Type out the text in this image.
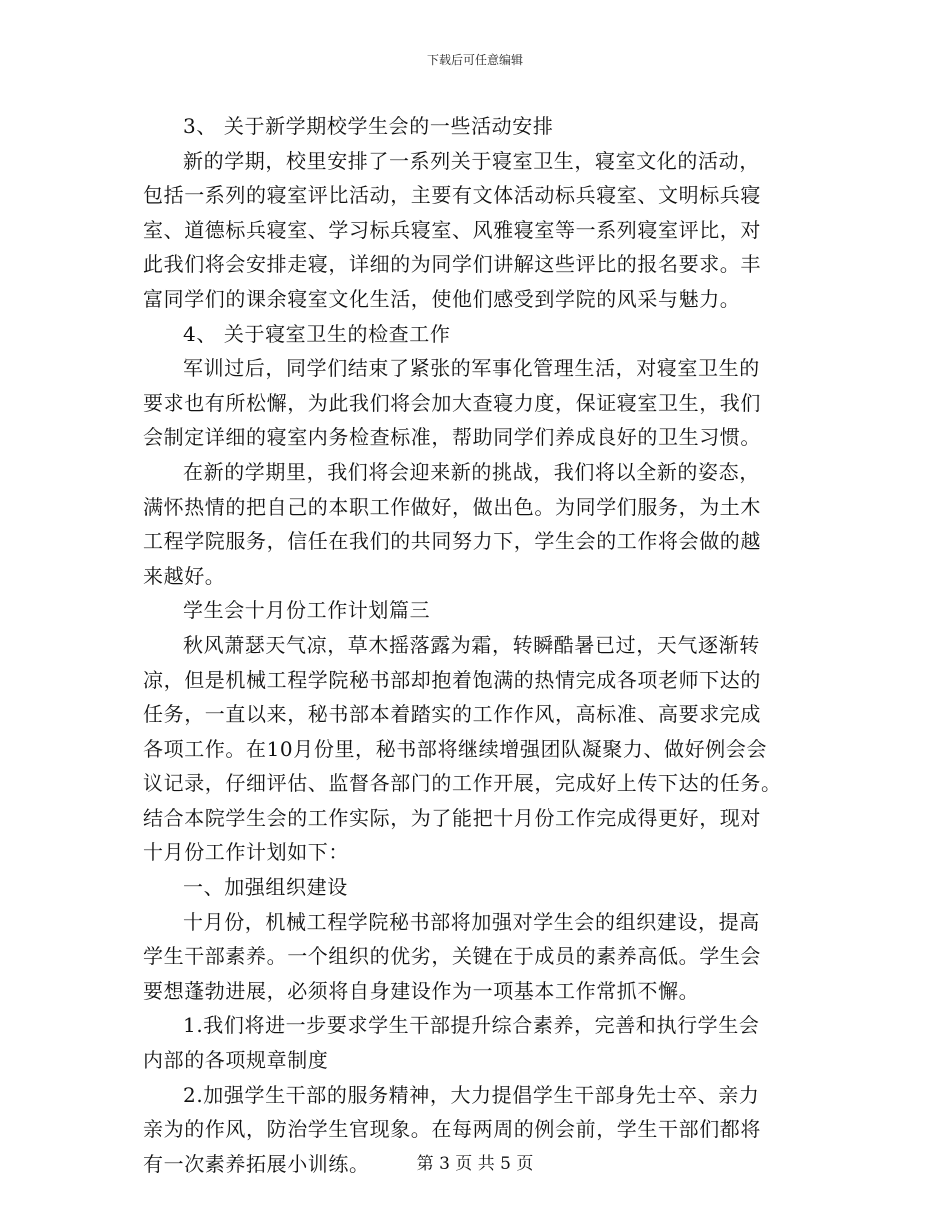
下载后可任意编辑
3、 关于新学期校学生会的一些活动安排
新的学期，校里安排了一系列关于寝室卫生，寝室文化的活动，
包括一系列的寝室评比活动，主要有文体活动标兵寝室、文明标兵寝
室、道德标兵寝室、学习标兵寝室、风雅寝室等一系列寝室评比，对
此我们将会安排走寝，详细的为同学们讲解这些评比的报名要求。丰
富同学们的课余寝室文化生活，使他们感受到学院的风采与魅力。
4、 关于寝室卫生的检查工作
军训过后，同学们结束了紧张的军事化管理生活，对寝室卫生的
要求也有所松懈，为此我们将会加大查寝力度，保证寝室卫生，我们
会制定详细的寝室内务检查标准，帮助同学们养成良好的卫生习惯。
在新的学期里，我们将会迎来新的挑战，我们将以全新的姿态，
满怀热情的把自己的本职工作做好，做出色。为同学们服务，为土木
工程学院服务，信任在我们的共同努力下，学生会的工作将会做的越
来越好。
学生会十月份工作计划篇三
秋风萧瑟天气凉，草木摇落露为霜，转瞬酷暑已过，天气逐渐转
凉，但是机械工程学院秘书部却抱着饱满的热情完成各项老师下达的
任务，一直以来，秘书部本着踏实的工作作风，高标准、高要求完成
各项工作。在10月份里，秘书部将继续增强团队凝聚力、做好例会会
议记录，仔细评估、监督各部门的工作开展，完成好上传下达的任务。
结合本院学生会的工作实际，为了能把十月份工作完成得更好，现对
十月份工作计划如下：
一、加强组织建设
十月份，机械工程学院秘书部将加强对学生会的组织建设，提高
学生干部素养。一个组织的优劣，关键在于成员的素养高低。学生会
要想蓬勃进展，必须将自身建设作为一项基本工作常抓不懈。
1.我们将进一步要求学生干部提升综合素养，完善和执行学生会
内部的各项规章制度
2.加强学生干部的服务精神，大力提倡学生干部身先士卒、亲力
亲为的作风，防治学生官现象。在每两周的例会前，学生干部们都将
有一次素养拓展小训练。	第 3 页 共 5 页
